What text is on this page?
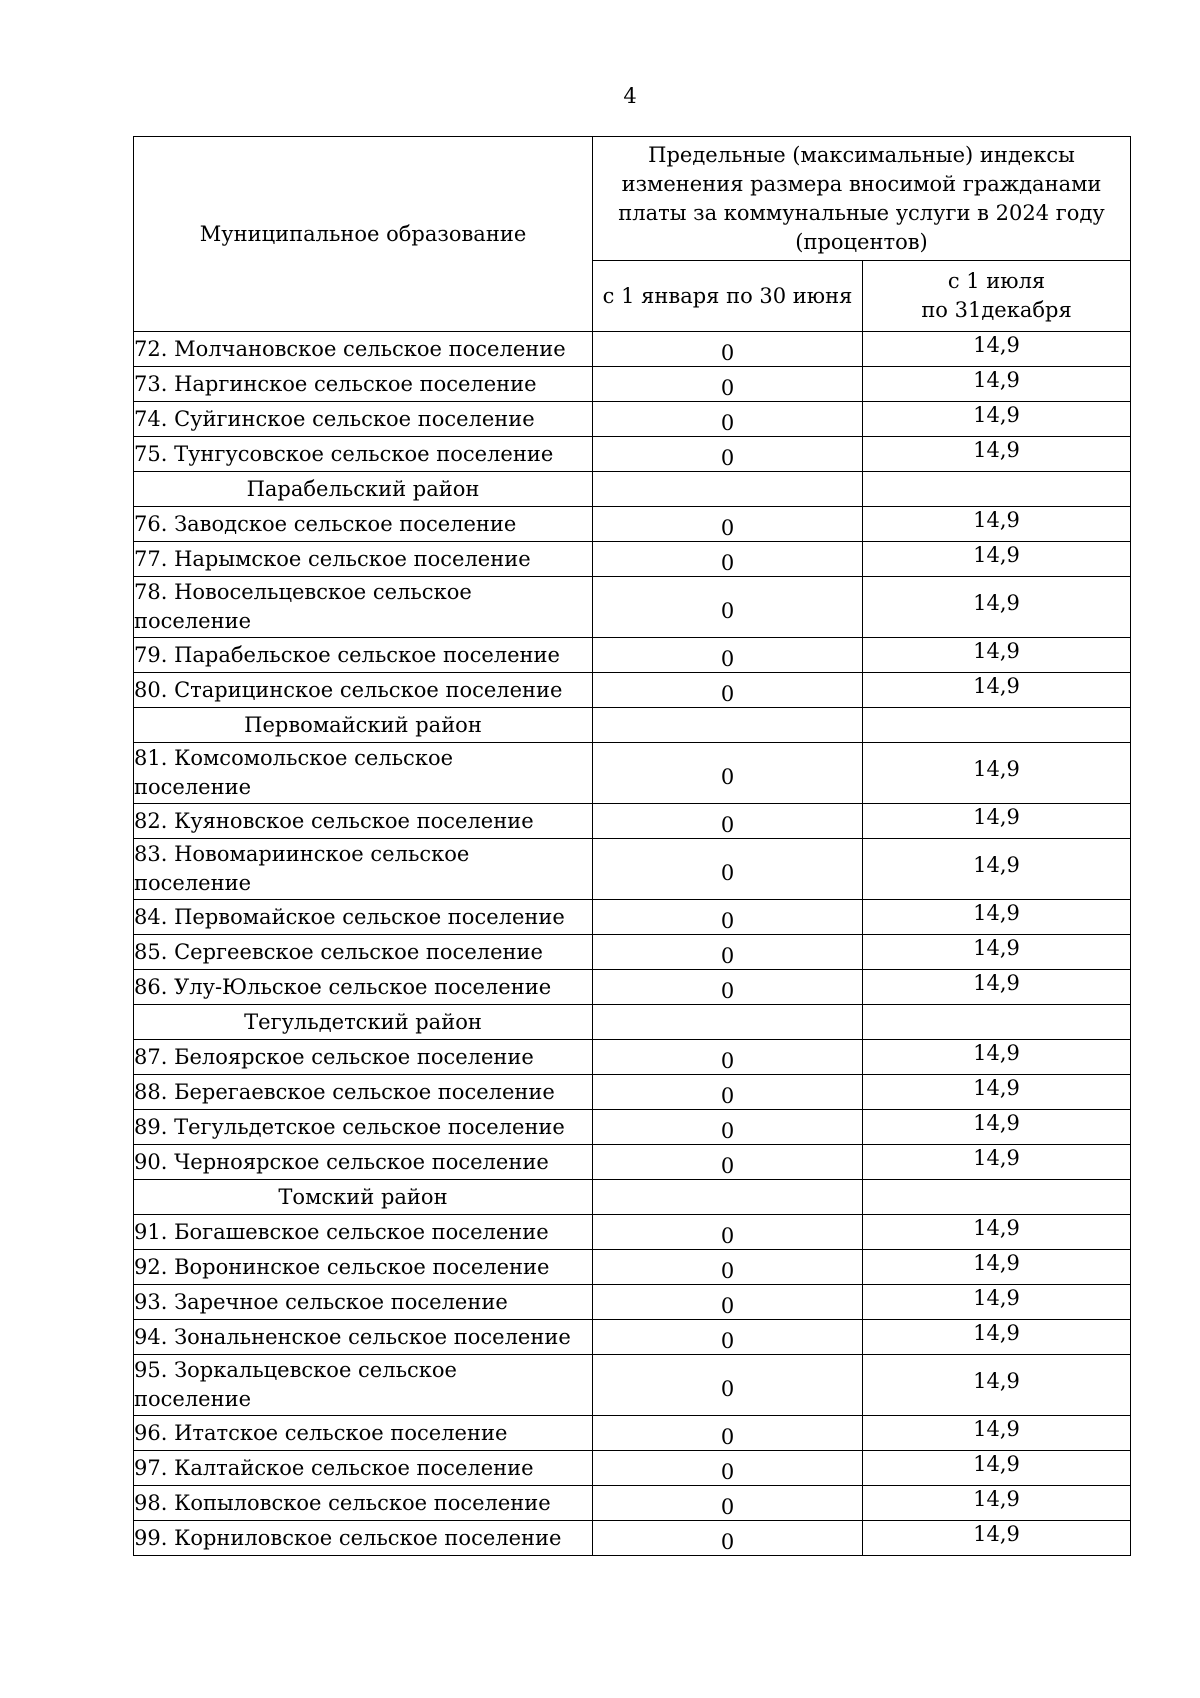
4
Муниципальное образование	Предельные (максимальные) индексы
изменения размера вносимой гражданами
платы за коммунальные услуги в 2024 году
(процентов)	
	с 1 января по 30 июня	с 1 июля
по 31декабря
72. Молчановское сельское поселение	0	14,9
73. Наргинское сельское поселение	0	14,9
74. Суйгинское сельское поселение	0	14,9
75. Тунгусовское сельское поселение	0	14,9
Парабельский район		
76. Заводское сельское поселение	0	14,9
77. Нарымское сельское поселение	0	14,9
78. Новосельцевское сельское
поселение	0	14,9
79. Парабельское сельское поселение	0	14,9
80. Старицинское сельское поселение	0	14,9
Первомайский район		
81. Комсомольское сельское
поселение	0	14,9
82. Куяновское сельское поселение	0	14,9
83. Новомариинское сельское
поселение	0	14,9
84. Первомайское сельское поселение	0	14,9
85. Сергеевское сельское поселение	0	14,9
86. Улу-Юльское сельское поселение	0	14,9
Тегульдетский район		
87. Белоярское сельское поселение	0	14,9
88. Берегаевское сельское поселение	0	14,9
89. Тегульдетское сельское поселение	0	14,9
90. Черноярское сельское поселение	0	14,9
Томский район		
91. Богашевское сельское поселение	0	14,9
92. Воронинское сельское поселение	0	14,9
93. Заречное сельское поселение	0	14,9
94. Зональненское сельское поселение	0	14,9
95. Зоркальцевское сельское
поселение	0	14,9
96. Итатское сельское поселение	0	14,9
97. Калтайское сельское поселение	0	14,9
98. Копыловское сельское поселение	0	14,9
99. Корниловское сельское поселение	0	14,9
